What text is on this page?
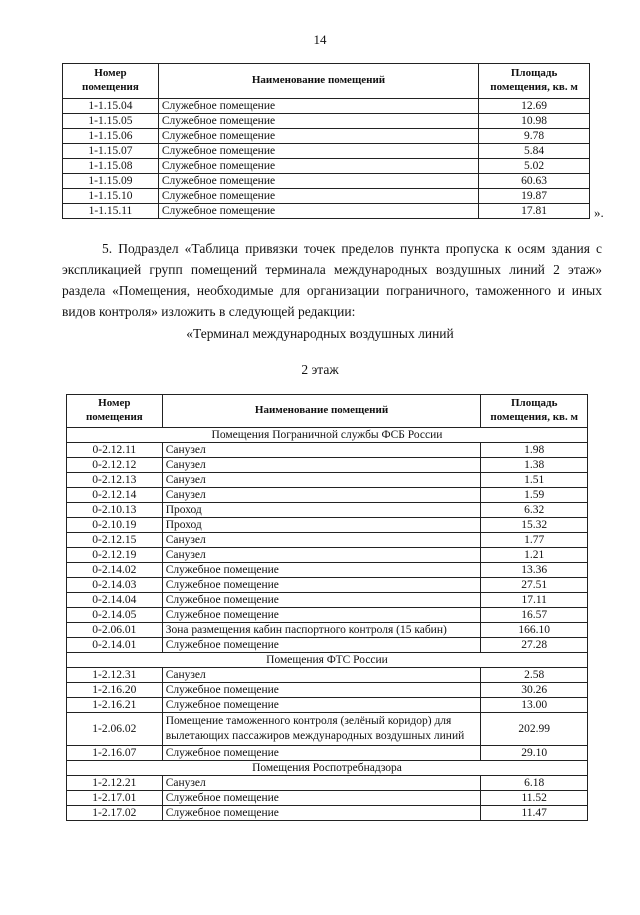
14
Номер помещения	Наименование помещений	Площадь помещения, кв. м
1-1.15.04	Служебное помещение	12.69
1-1.15.05	Служебное помещение	10.98
1-1.15.06	Служебное помещение	9.78
1-1.15.07	Служебное помещение	5.84
1-1.15.08	Служебное помещение	5.02
1-1.15.09	Служебное помещение	60.63
1-1.15.10	Служебное помещение	19.87
1-1.15.11	Служебное помещение	17.81	».

5. Подраздел «Таблица привязки точек пределов пункта пропуска к осям здания с экспликацией групп помещений терминала международных воздушных линий 2 этаж» раздела «Помещения, необходимые для организации пограничного, таможенного и иных видов контроля» изложить в следующей редакции:

«Терминал международных воздушных линий
2 этаж
Номер помещения	Наименование помещений	Площадь помещения, кв. м
Помещения Пограничной службы ФСБ России		
0-2.12.11	Санузел	1.98
0-2.12.12	Санузел	1.38
0-2.12.13	Санузел	1.51
0-2.12.14	Санузел	1.59
0-2.10.13	Проход	6.32
0-2.10.19	Проход	15.32
0-2.12.15	Санузел	1.77
0-2.12.19	Санузел	1.21
0-2.14.02	Служебное помещение	13.36
0-2.14.03	Служебное помещение	27.51
0-2.14.04	Служебное помещение	17.11
0-2.14.05	Служебное помещение	16.57
0-2.06.01	Зона размещения кабин паспортного контроля (15 кабин)	166.10
0-2.14.01	Служебное помещение	27.28
Помещения ФТС России		
1-2.12.31	Санузел	2.58
1-2.16.20	Служебное помещение	30.26
1-2.16.21	Служебное помещение	13.00
1-2.06.02	Помещение таможенного контроля (зелёный коридор) для вылетающих пассажиров международных воздушных линий	202.99
1-2.16.07	Служебное помещение	29.10
Помещения Роспотребнадзора		
1-2.12.21	Санузел	6.18
1-2.17.01	Служебное помещение	11.52
1-2.17.02	Служебное помещение	11.47
